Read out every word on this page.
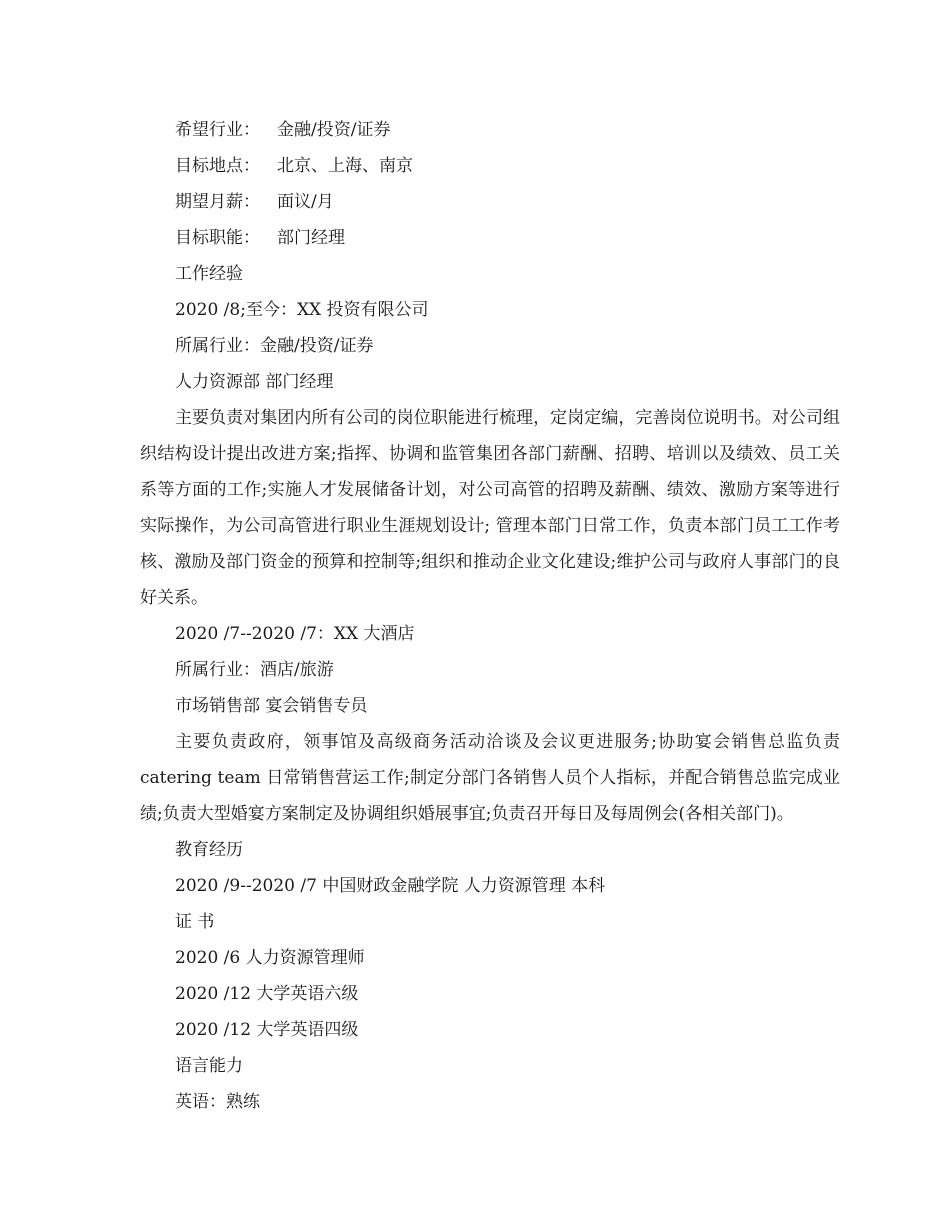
希望行业： 金融/投资/证券
目标地点： 北京、上海、南京
期望月薪： 面议/月
目标职能： 部门经理
工作经验
2020 /8;至今：XX 投资有限公司
所属行业：金融/投资/证券
人力资源部 部门经理
主要负责对集团内所有公司的岗位职能进行梳理，定岗定编，完善岗位说明书。对公司组织结构设计提出改进方案;指挥、协调和监管集团各部门薪酬、招聘、培训以及绩效、员工关系等方面的工作;实施人才发展储备计划，对公司高管的招聘及薪酬、绩效、激励方案等进行实际操作，为公司高管进行职业生涯规划设计; 管理本部门日常工作，负责本部门员工工作考核、激励及部门资金的预算和控制等;组织和推动企业文化建设;维护公司与政府人事部门的良好关系。
2020 /7--2020 /7：XX 大酒店
所属行业：酒店/旅游
市场销售部 宴会销售专员
主要负责政府，领事馆及高级商务活动洽谈及会议更进服务;协助宴会销售总监负责 catering team 日常销售营运工作;制定分部门各销售人员个人指标，并配合销售总监完成业绩;负责大型婚宴方案制定及协调组织婚展事宜;负责召开每日及每周例会(各相关部门)。
教育经历
2020 /9--2020 /7 中国财政金融学院 人力资源管理 本科
证 书
2020 /6 人力资源管理师
2020 /12 大学英语六级
2020 /12 大学英语四级
语言能力
英语：熟练
